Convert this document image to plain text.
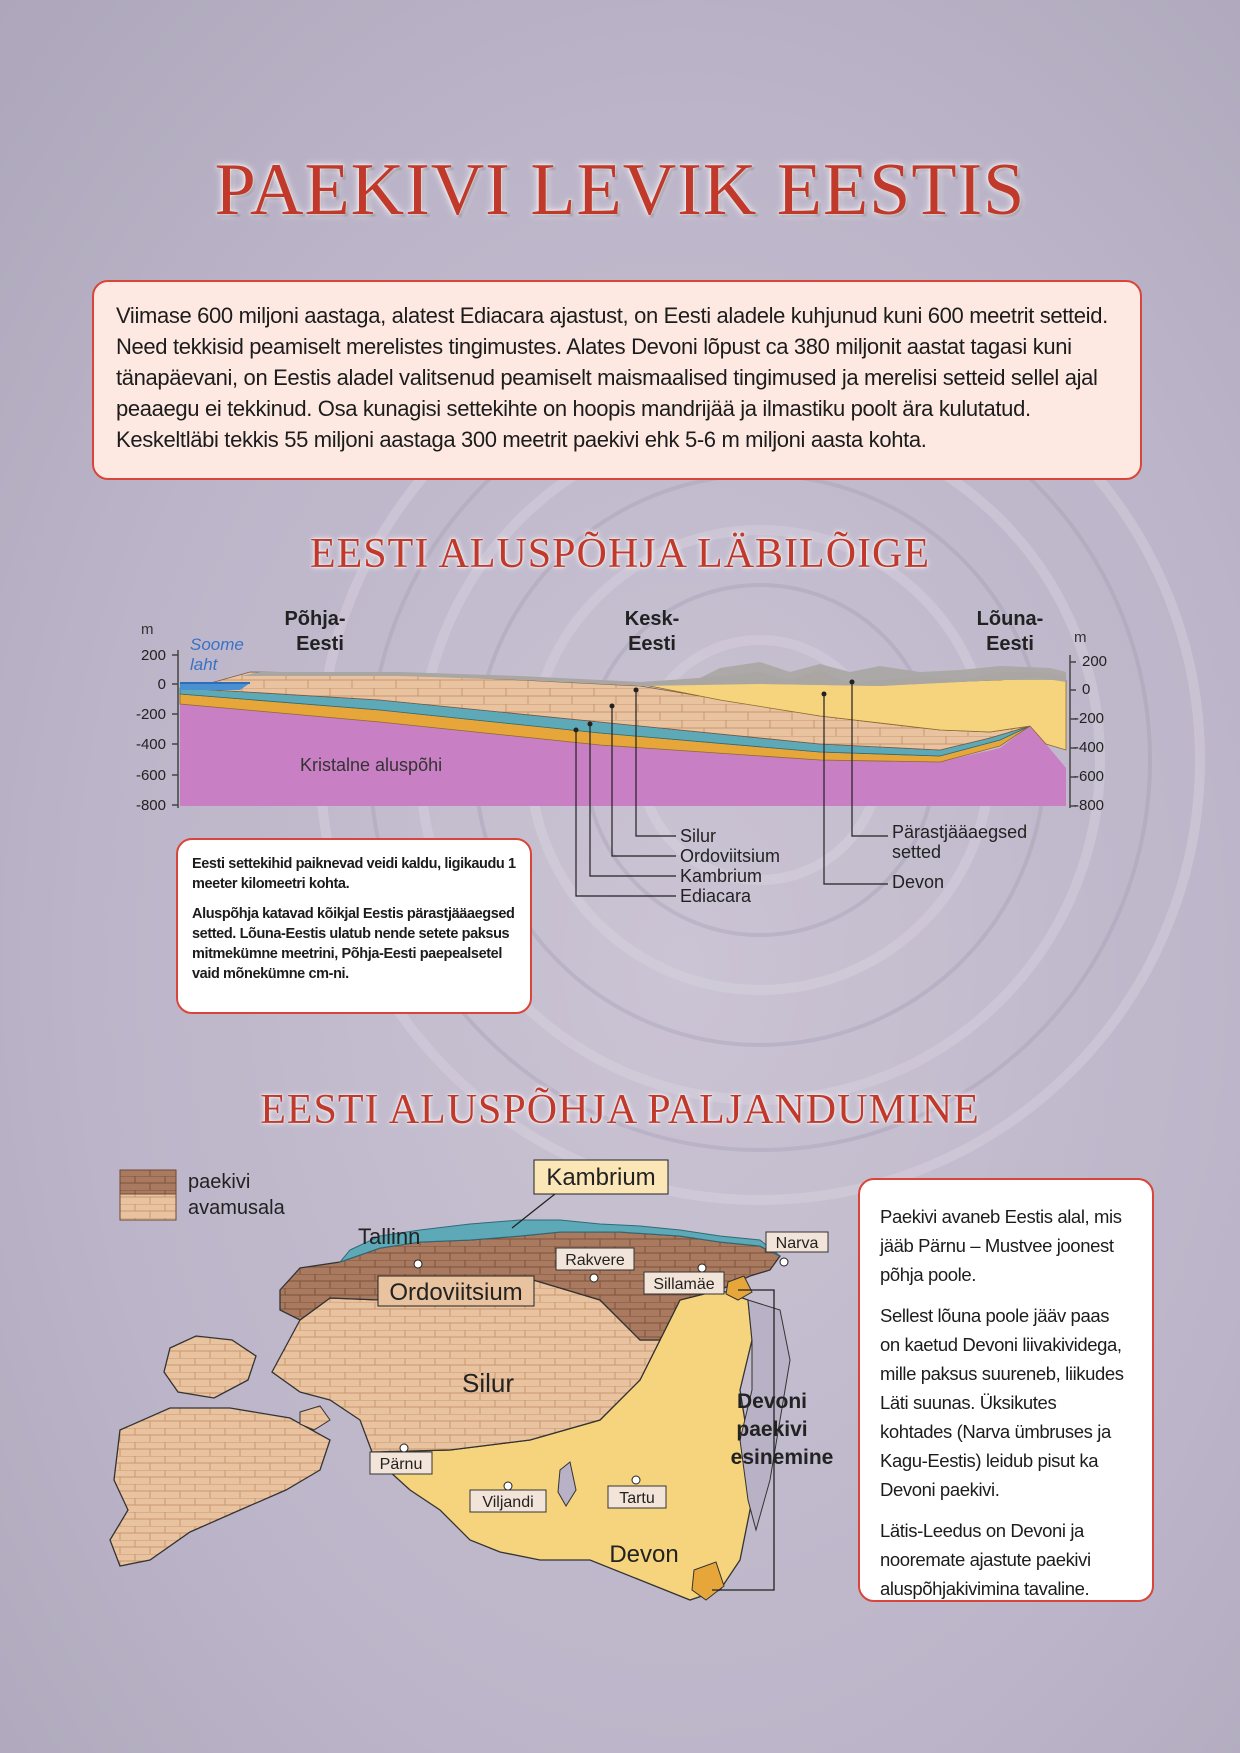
PAEKIVI LEVIK EESTIS
Viimase 600 miljoni aastaga, alatest Ediacara ajastust, on Eesti aladele kuhjunud kuni 600 meetrit setteid. Need tekkisid peamiselt merelistes tingimustes. Alates Devoni lõpust ca 380 miljonit aastat tagasi kuni tänapäevani, on Eestis aladel valitsenud peamiselt maismaalised tingimused ja merelisi setteid sellel ajal peaaegu ei tekkinud. Osa kunagisi settekihte on hoopis mandrijää ja ilmastiku poolt ära kulutatud. Keskeltläbi tekkis 55 miljoni aastaga 300 meetrit paekivi ehk 5-6 m miljoni aasta kohta.
EESTI ALUSPÕHJA LÄBILÕIGE
m
200
0
-200
-400
-600
-800
m
200
0
-200
-400
-600
-800
Põhja-
Eesti
Kesk-
Eesti
Lõuna-
Eesti
Soome
laht
Kristalne aluspõhi
Silur
Ordoviitsium
Kambrium
Ediacara
Pärastjääaegsed
setted
Devon

Eesti settekihid paiknevad veidi kaldu, ligikaudu 1 meeter kilomeetri kohta.

Aluspõhja katavad kõikjal Eestis pärastjääaegsed setted. Lõuna-Eestis ulatub nende setete paksus mitmekümne meetrini, Põhja-Eesti paepealsetel vaid mõnekümne cm-ni.

EESTI ALUSPÕHJA PALJANDUMINE
paekivi
avamusala
Kambrium
Ordoviitsium
Silur
Devon
Tallinn
Rakvere
Narva
Sillamäe
Pärnu
Viljandi	Tartu
Devoni
paekivi
esinemine

Paekivi avaneb Eestis alal, mis jääb Pärnu – Mustvee joonest põhja poole.

Sellest lõuna poole jääv paas on kaetud Devoni liivakividega, mille paksus suureneb, liikudes Läti suunas. Üksikutes kohtades (Narva ümbruses ja Kagu-Eestis) leidub pisut ka Devoni paekivi.

Lätis-Leedus on Devoni ja nooremate ajastute paekivi aluspõhjakivimina tavaline.
